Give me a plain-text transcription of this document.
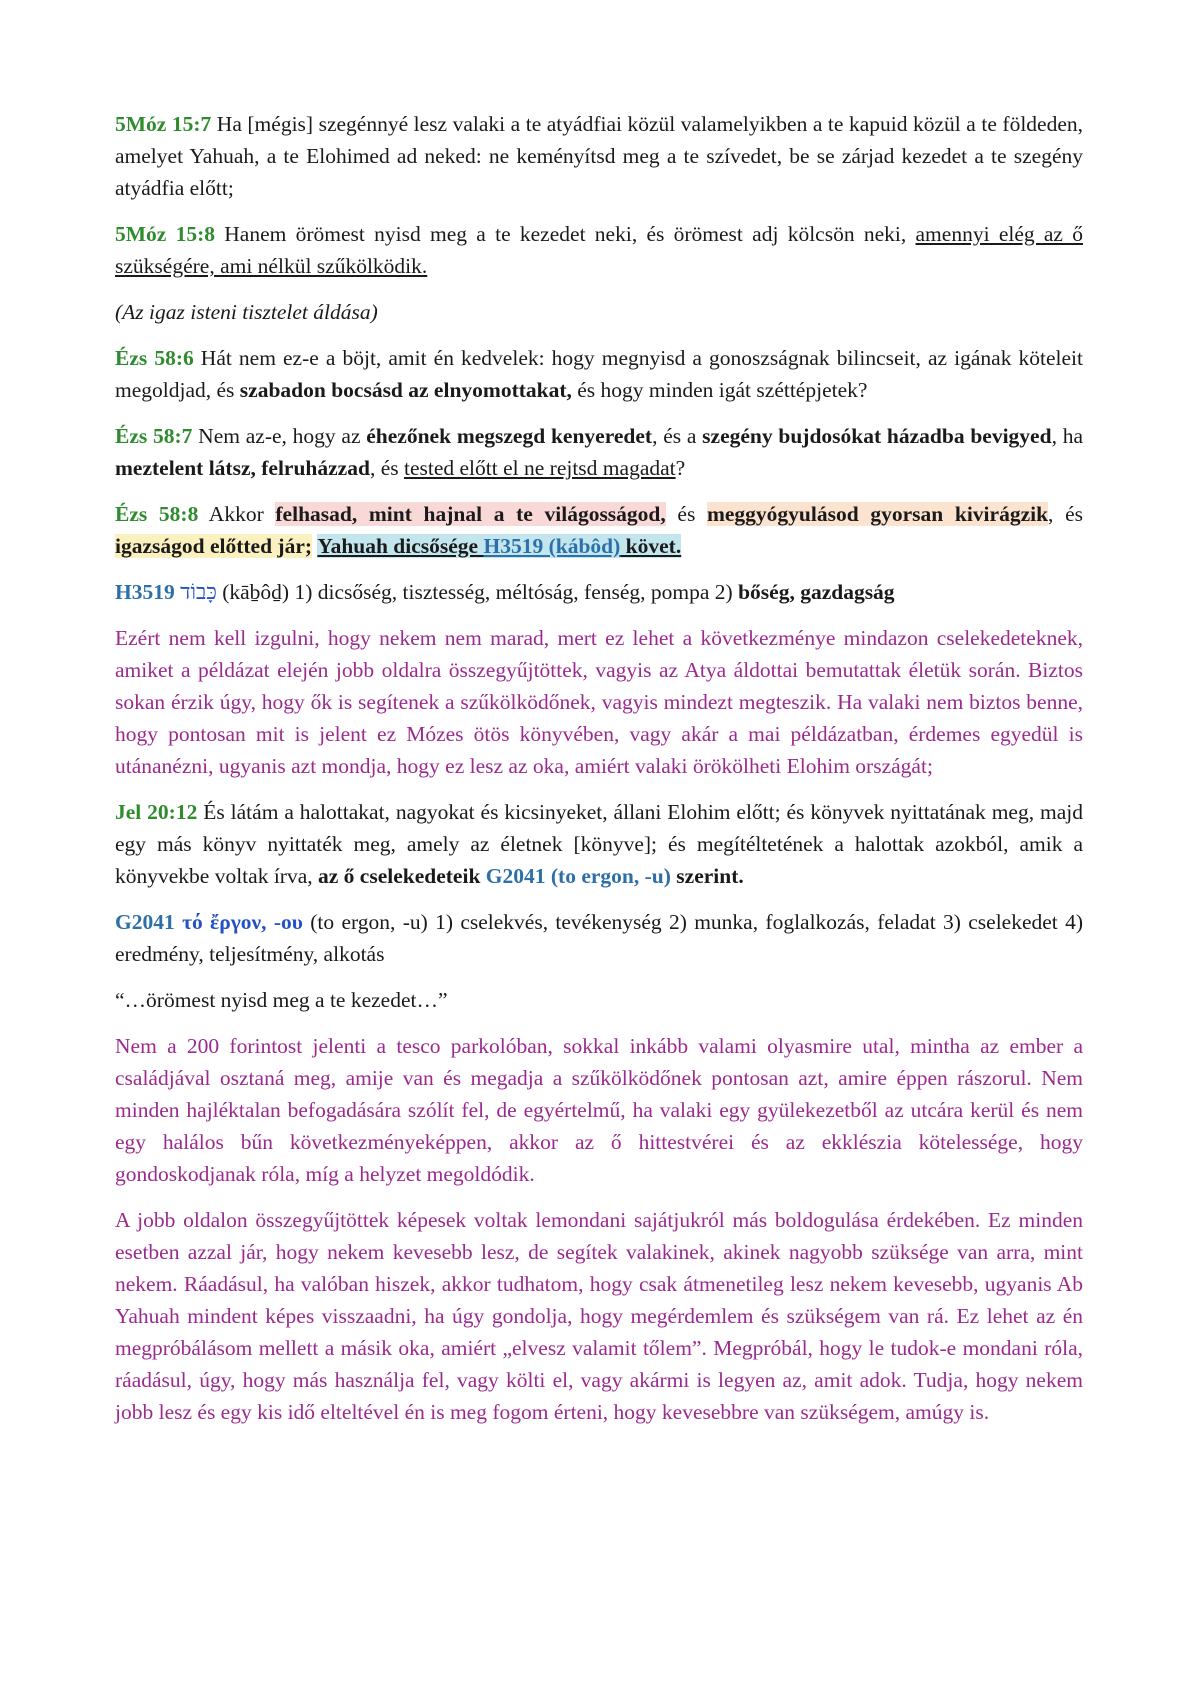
5Móz 15:7 Ha [mégis] szegénnyé lesz valaki a te atyádfiai közül valamelyikben a te kapuid közül a te földeden, amelyet Yahuah, a te Elohimed ad neked: ne keményítsd meg a te szívedet, be se zárjad kezedet a te szegény atyádfia előtt;

5Móz 15:8 Hanem örömest nyisd meg a te kezedet neki, és örömest adj kölcsön neki, amennyi elég az ő szükségére, ami nélkül szűkölködik.

(Az igaz isteni tisztelet áldása)

Ézs 58:6 Hát nem ez-e a böjt, amit én kedvelek: hogy megnyisd a gonoszságnak bilincseit, az igának köteleit megoldjad, és szabadon bocsásd az elnyomottakat, és hogy minden igát széttépjetek?

Ézs 58:7 Nem az-e, hogy az éhezőnek megszegd kenyeredet, és a szegény bujdosókat házadba bevigyed, ha meztelent látsz, felruházzad, és tested előtt el ne rejtsd magadat?

Ézs 58:8 Akkor felhasad, mint hajnal a te világosságod, és meggyógyulásod gyorsan kivirágzik, és igazságod előtted jár; Yahuah dicsősége H3519 (kábôd) követ.

H3519 כָּבוֹד (kāḇôḏ) 1) dicsőség, tisztesség, méltóság, fenség, pompa 2) bőség, gazdagság

Ezért nem kell izgulni, hogy nekem nem marad, mert ez lehet a következménye mindazon cselekedeteknek, amiket a példázat elején jobb oldalra összegyűjtöttek, vagyis az Atya áldottai bemutattak életük során. Biztos sokan érzik úgy, hogy ők is segítenek a szűkölködőnek, vagyis mindezt megteszik. Ha valaki nem biztos benne, hogy pontosan mit is jelent ez Mózes ötös könyvében, vagy akár a mai példázatban, érdemes egyedül is utánanézni, ugyanis azt mondja, hogy ez lesz az oka, amiért valaki örökölheti Elohim országát;

Jel 20:12 És látám a halottakat, nagyokat és kicsinyeket, állani Elohim előtt; és könyvek nyittatának meg, majd egy más könyv nyittaték meg, amely az életnek [könyve]; és megítéltetének a halottak azokból, amik a könyvekbe voltak írva, az ő cselekedeteik G2041 (to ergon, -u) szerint.

G2041 τό ἔργον, -ου (to ergon, -u) 1) cselekvés, tevékenység 2) munka, foglalkozás, feladat 3) cselekedet 4) eredmény, teljesítmény, alkotás

“…örömest nyisd meg a te kezedet…”

Nem a 200 forintost jelenti a tesco parkolóban, sokkal inkább valami olyasmire utal, mintha az ember a családjával osztaná meg, amije van és megadja a szűkölködőnek pontosan azt, amire éppen rászorul. Nem minden hajléktalan befogadására szólít fel, de egyértelmű, ha valaki egy gyülekezetből az utcára kerül és nem egy halálos bűn következményeképpen, akkor az ő hittestvérei és az ekklészia kötelessége, hogy gondoskodjanak róla, míg a helyzet megoldódik.

A jobb oldalon összegyűjtöttek képesek voltak lemondani sajátjukról más boldogulása érdekében. Ez minden esetben azzal jár, hogy nekem kevesebb lesz, de segítek valakinek, akinek nagyobb szüksége van arra, mint nekem. Ráadásul, ha valóban hiszek, akkor tudhatom, hogy csak átmenetileg lesz nekem kevesebb, ugyanis Ab Yahuah mindent képes visszaadni, ha úgy gondolja, hogy megérdemlem és szükségem van rá. Ez lehet az én megpróbálásom mellett a másik oka, amiért „elvesz valamit tőlem”. Megpróbál, hogy le tudok-e mondani róla, ráadásul, úgy, hogy más használja fel, vagy költi el, vagy akármi is legyen az, amit adok. Tudja, hogy nekem jobb lesz és egy kis idő elteltével én is meg fogom érteni, hogy kevesebbre van szükségem, amúgy is.
